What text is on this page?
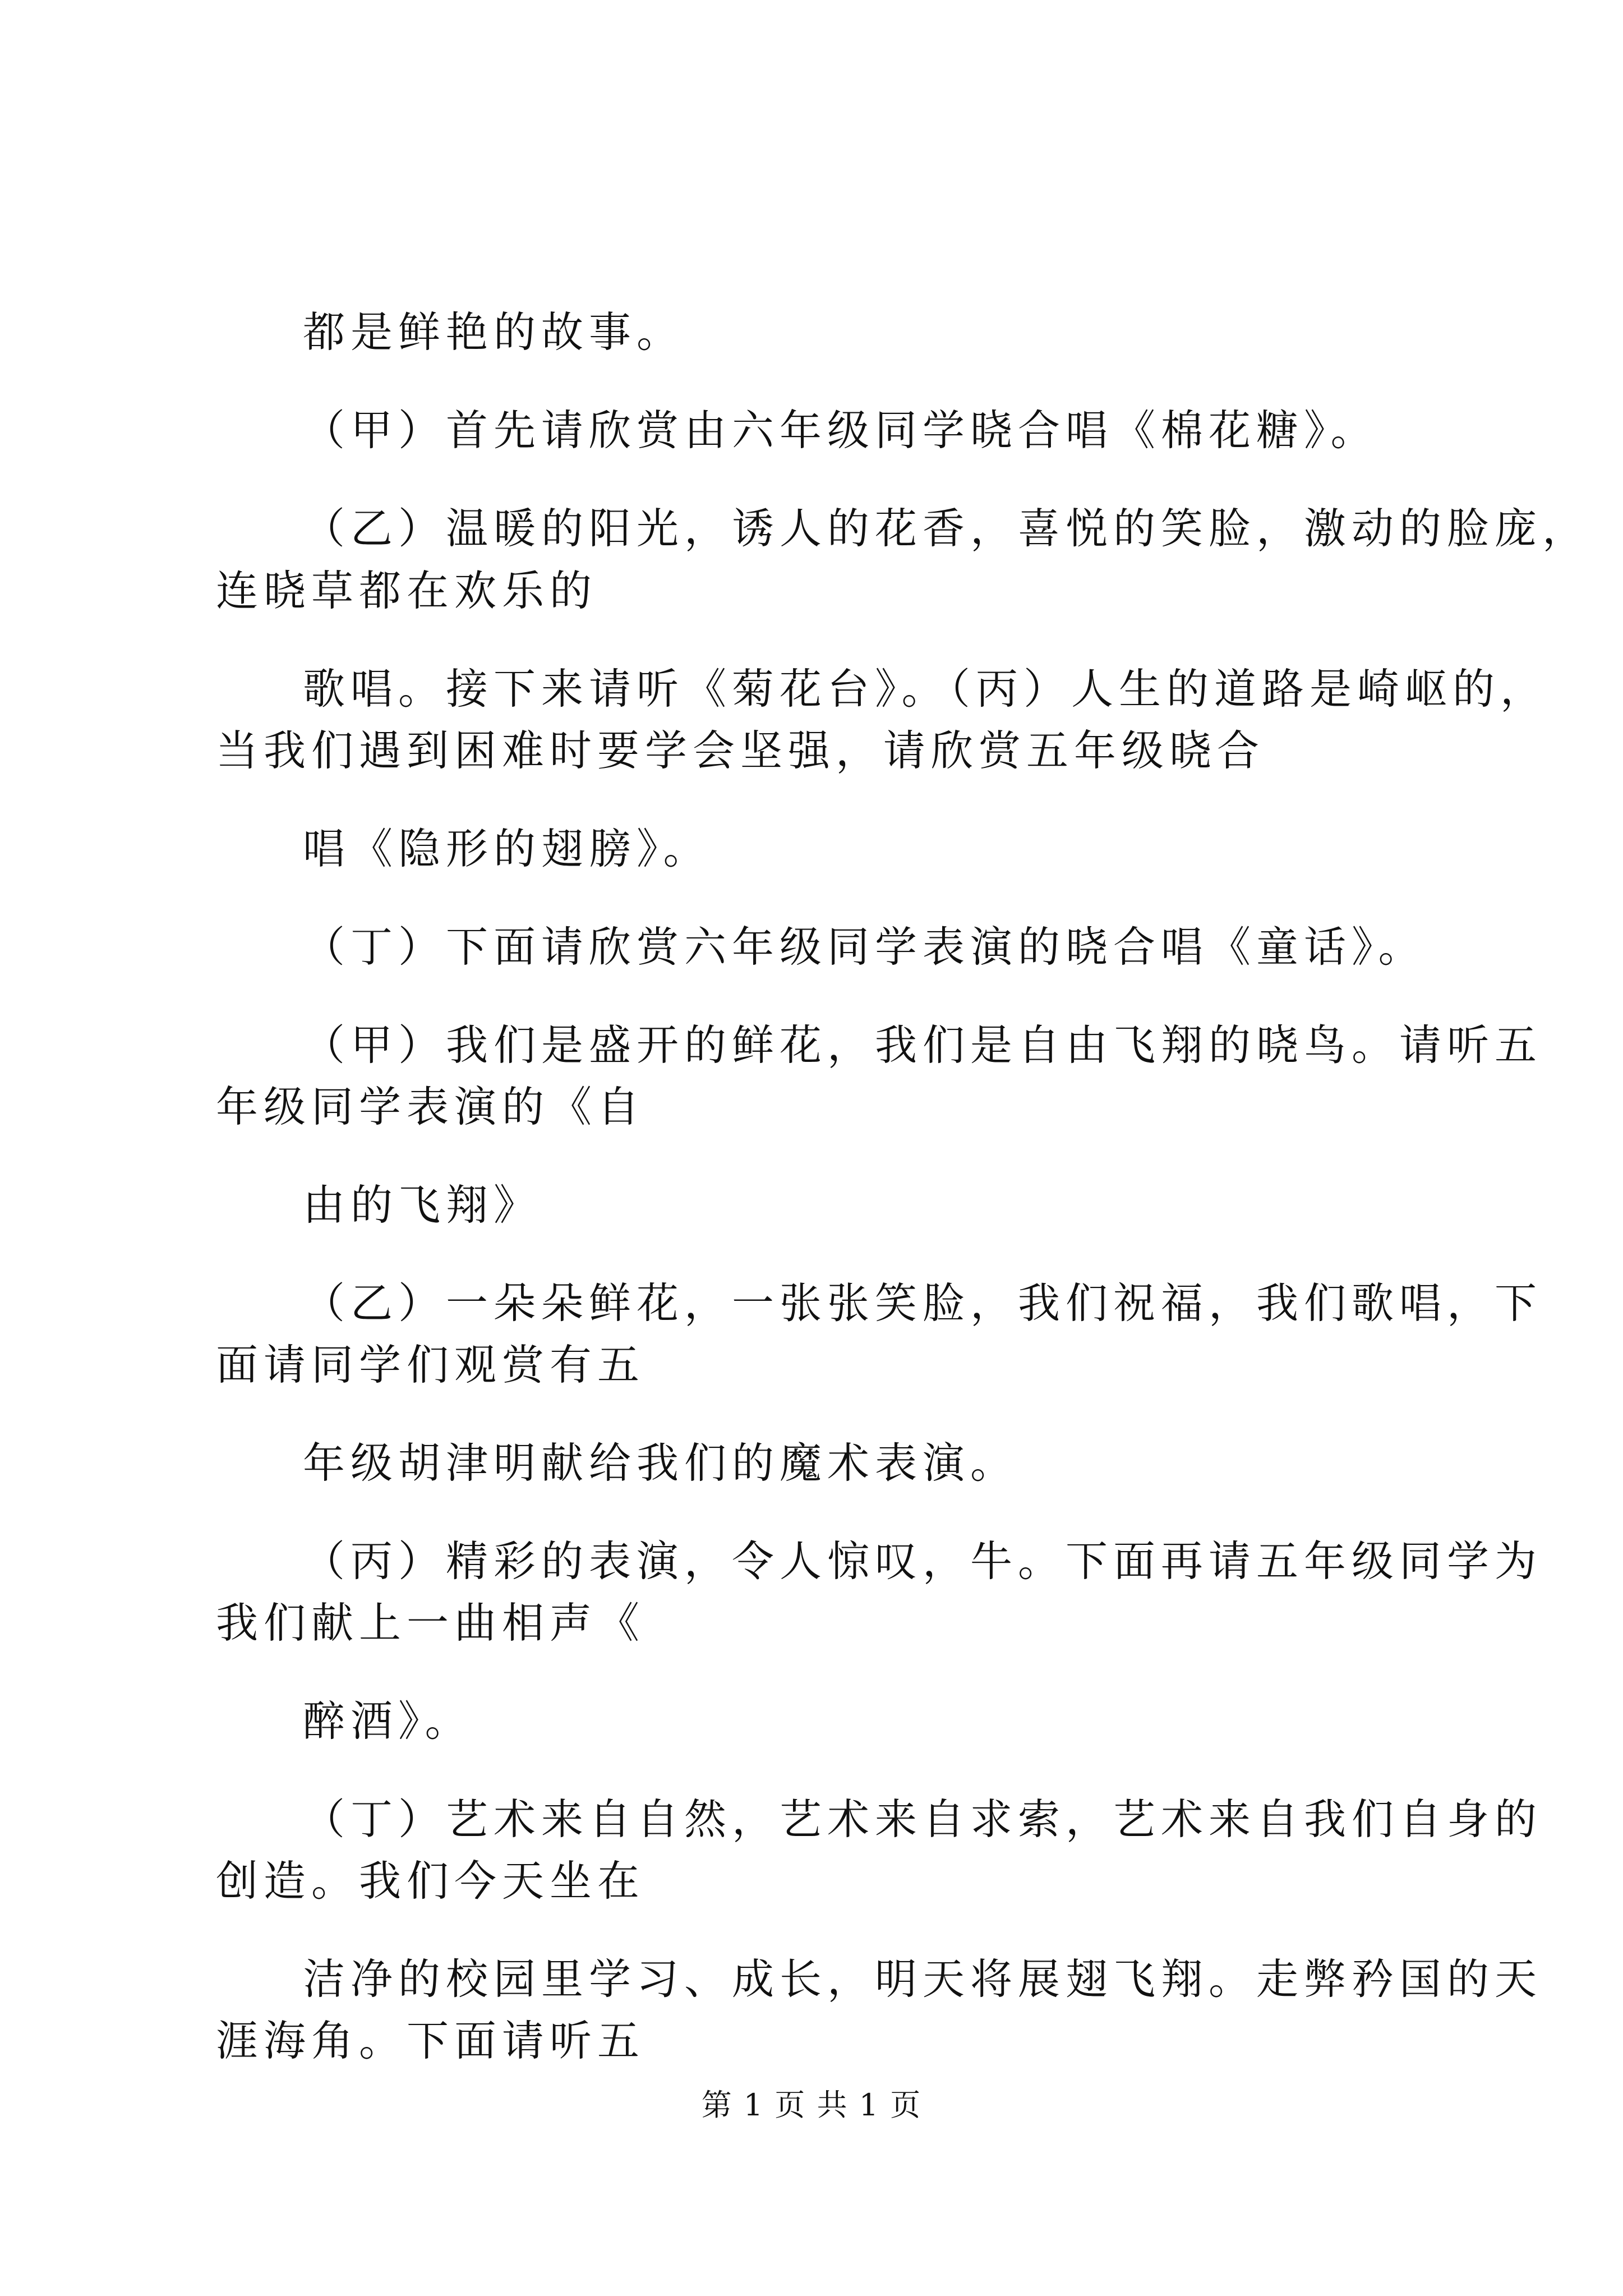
都是鲜艳的故事。
（甲）首先请欣赏由六年级同学晓合唱《棉花糖》。
（乙）温暖的阳光，诱人的花香，喜悦的笑脸，激动的脸庞，
连晓草都在欢乐的
歌唱。接下来请听《菊花台》。（丙）人生的道路是崎岖的，
当我们遇到困难时要学会坚强，请欣赏五年级晓合
唱《隐形的翅膀》。
（丁）下面请欣赏六年级同学表演的晓合唱《童话》。
（甲）我们是盛开的鲜花，我们是自由飞翔的晓鸟。请听五
年级同学表演的《自
由的飞翔》
（乙）一朵朵鲜花，一张张笑脸，我们祝福，我们歌唱，下
面请同学们观赏有五
年级胡津明献给我们的魔术表演。
（丙）精彩的表演，令人惊叹，牛。下面再请五年级同学为
我们献上一曲相声《
醉酒》。
（丁）艺术来自自然，艺术来自求索，艺术来自我们自身的
创造。我们今天坐在
洁净的校园里学习、成长，明天将展翅飞翔。走弊矜国的天
涯海角。下面请听五
第 1 页 共 1 页
